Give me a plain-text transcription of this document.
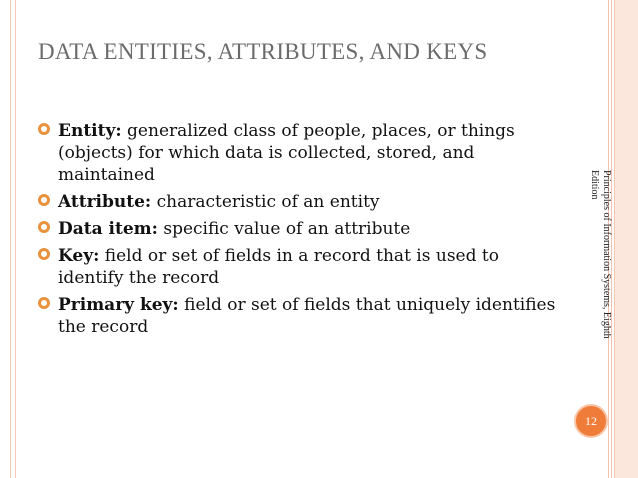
DATA ENTITIES, ATTRIBUTES, AND KEYS
Entity: generalized class of people, places, or things (objects) for which data is collected, stored, and maintained
Attribute: characteristic of an entity
Data item: specific value of an attribute
Key: field or set of fields in a record that is used to identify the record
Primary key: field or set of fields that uniquely identifies the record	Principles of Information Systems, Eighth Edition
12
